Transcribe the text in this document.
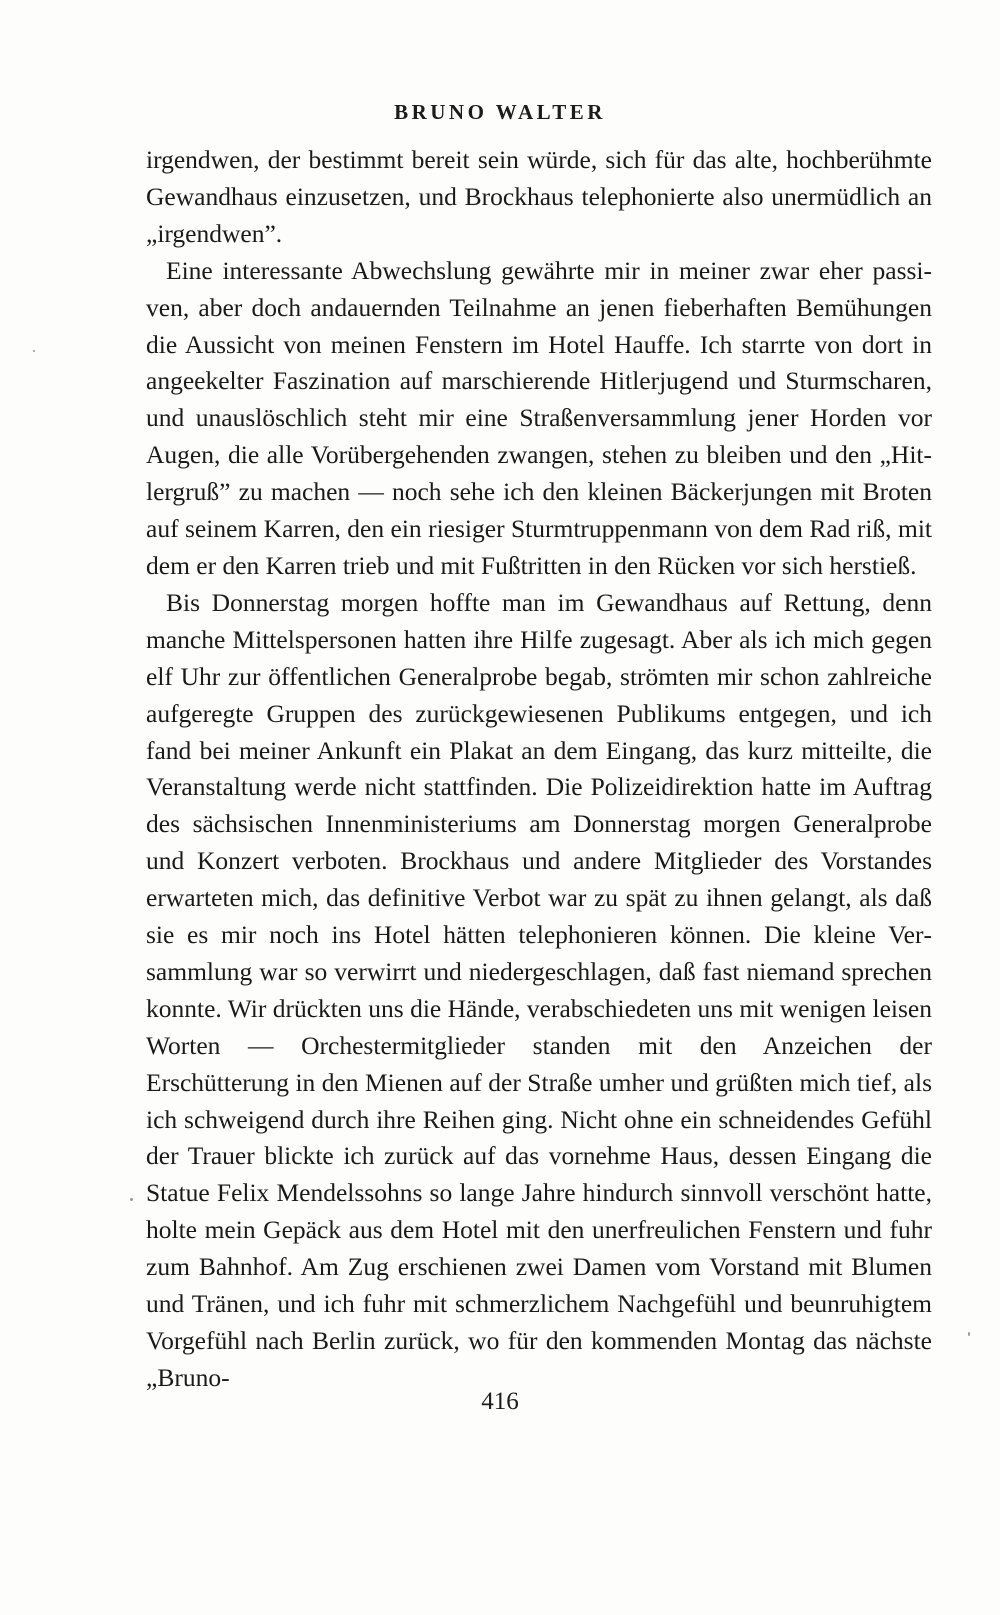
BRUNO WALTER

irgendwen, der bestimmt bereit sein würde, sich für das alte, hochberühmte Gewandhaus einzusetzen, und Brockhaus telephonierte also unermüdlich an „irgendwen”.

Eine interessante Abwechslung gewährte mir in meiner zwar eher passiven, aber doch andauernden Teilnahme an jenen fieberhaften Bemühungen die Aussicht von meinen Fenstern im Hotel Hauffe. Ich starrte von dort in angeekelter Faszination auf marschierende Hitlerjugend und Sturmscharen, und unauslöschlich steht mir eine Straßenversammlung jener Horden vor Augen, die alle Vorübergehenden zwangen, stehen zu bleiben und den „Hitlergruß” zu machen — noch sehe ich den kleinen Bäckerjungen mit Broten auf seinem Karren, den ein riesiger Sturmtruppenmann von dem Rad riß, mit dem er den Karren trieb und mit Fußtritten in den Rücken vor sich herstieß.

Bis Donnerstag morgen hoffte man im Gewandhaus auf Rettung, denn manche Mittelspersonen hatten ihre Hilfe zugesagt. Aber als ich mich gegen elf Uhr zur öffentlichen Generalprobe begab, strömten mir schon zahlreiche aufgeregte Gruppen des zurückgewiesenen Publikums entgegen, und ich fand bei meiner Ankunft ein Plakat an dem Eingang, das kurz mitteilte, die Veranstaltung werde nicht stattfinden. Die Polizeidirektion hatte im Auftrag des sächsischen Innenministeriums am Donnerstag morgen Generalprobe und Konzert verboten. Brockhaus und andere Mitglieder des Vorstandes erwarteten mich, das definitive Verbot war zu spät zu ihnen gelangt, als daß sie es mir noch ins Hotel hätten telephonieren können. Die kleine Versammlung war so verwirrt und niedergeschlagen, daß fast niemand sprechen konnte. Wir drückten uns die Hände, verabschiedeten uns mit wenigen leisen Worten — Orchestermitglieder standen mit den Anzeichen der Erschütterung in den Mienen auf der Straße umher und grüßten mich tief, als ich schweigend durch ihre Reihen ging. Nicht ohne ein schneidendes Gefühl der Trauer blickte ich zurück auf das vornehme Haus, dessen Eingang die Statue Felix Mendelssohns so lange Jahre hindurch sinnvoll verschönt hatte, holte mein Gepäck aus dem Hotel mit den unerfreulichen Fenstern und fuhr zum Bahnhof. Am Zug erschienen zwei Damen vom Vorstand mit Blumen und Tränen, und ich fuhr mit schmerzlichem Nachgefühl und beunruhigtem Vorgefühl nach Berlin zurück, wo für den kommenden Montag das nächste „Bruno-

416
